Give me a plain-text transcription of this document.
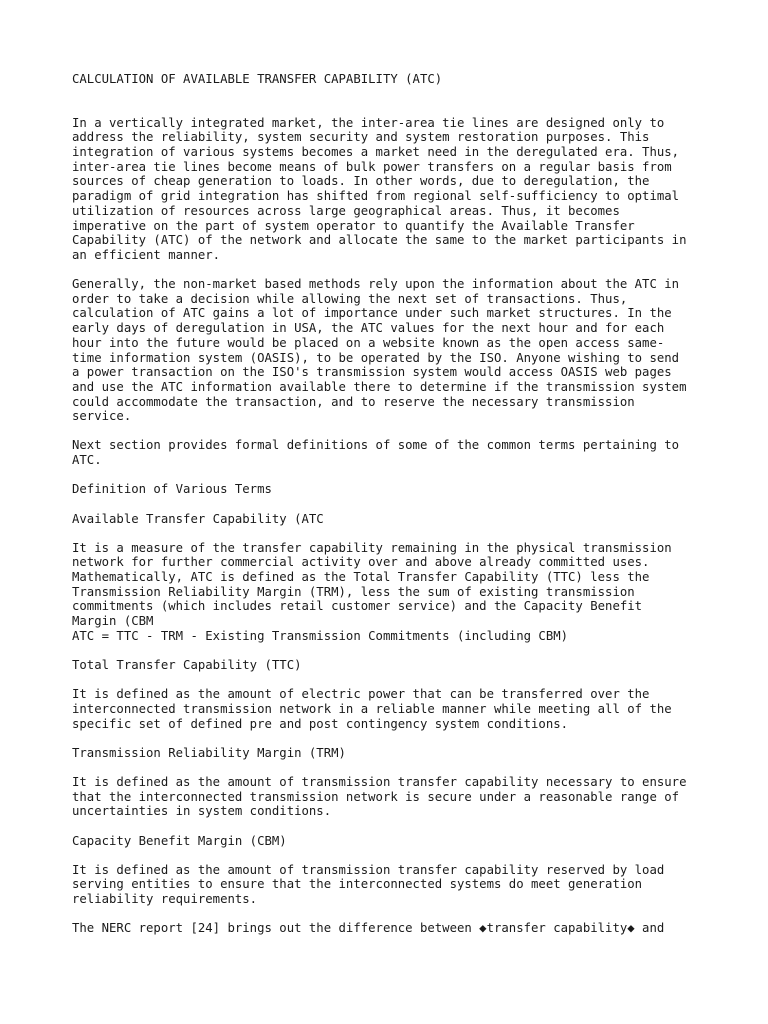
CALCULATION OF AVAILABLE TRANSFER CAPABILITY (ATC)
In a vertically integrated market, the inter-area tie lines are designed only to
address the reliability, system security and system restoration purposes. This
integration of various systems becomes a market need in the deregulated era. Thus,
inter-area tie lines become means of bulk power transfers on a regular basis from
sources of cheap generation to loads. In other words, due to deregulation, the
paradigm of grid integration has shifted from regional self-sufficiency to optimal
utilization of resources across large geographical areas. Thus, it becomes
imperative on the part of system operator to quantify the Available Transfer
Capability (ATC) of the network and allocate the same to the market participants in
an efficient manner.
Generally, the non-market based methods rely upon the information about the ATC in
order to take a decision while allowing the next set of transactions. Thus,
calculation of ATC gains a lot of importance under such market structures. In the
early days of deregulation in USA, the ATC values for the next hour and for each
hour into the future would be placed on a website known as the open access same-
time information system (OASIS), to be operated by the ISO. Anyone wishing to send
a power transaction on the ISO's transmission system would access OASIS web pages
and use the ATC information available there to determine if the transmission system
could accommodate the transaction, and to reserve the necessary transmission
service.
Next section provides formal definitions of some of the common terms pertaining to
ATC.
Definition of Various Terms
Available Transfer Capability (ATC
It is a measure of the transfer capability remaining in the physical transmission
network for further commercial activity over and above already committed uses.
Mathematically, ATC is defined as the Total Transfer Capability (TTC) less the
Transmission Reliability Margin (TRM), less the sum of existing transmission
commitments (which includes retail customer service) and the Capacity Benefit
Margin (CBM
ATC = TTC - TRM - Existing Transmission Commitments (including CBM)
Total Transfer Capability (TTC)
It is defined as the amount of electric power that can be transferred over the
interconnected transmission network in a reliable manner while meeting all of the
specific set of defined pre and post contingency system conditions.
Transmission Reliability Margin (TRM)
It is defined as the amount of transmission transfer capability necessary to ensure
that the interconnected transmission network is secure under a reasonable range of
uncertainties in system conditions.
Capacity Benefit Margin (CBM)
It is defined as the amount of transmission transfer capability reserved by load
serving entities to ensure that the interconnected systems do meet generation
reliability requirements.
The NERC report [24] brings out the difference between ◆transfer capability◆ and
